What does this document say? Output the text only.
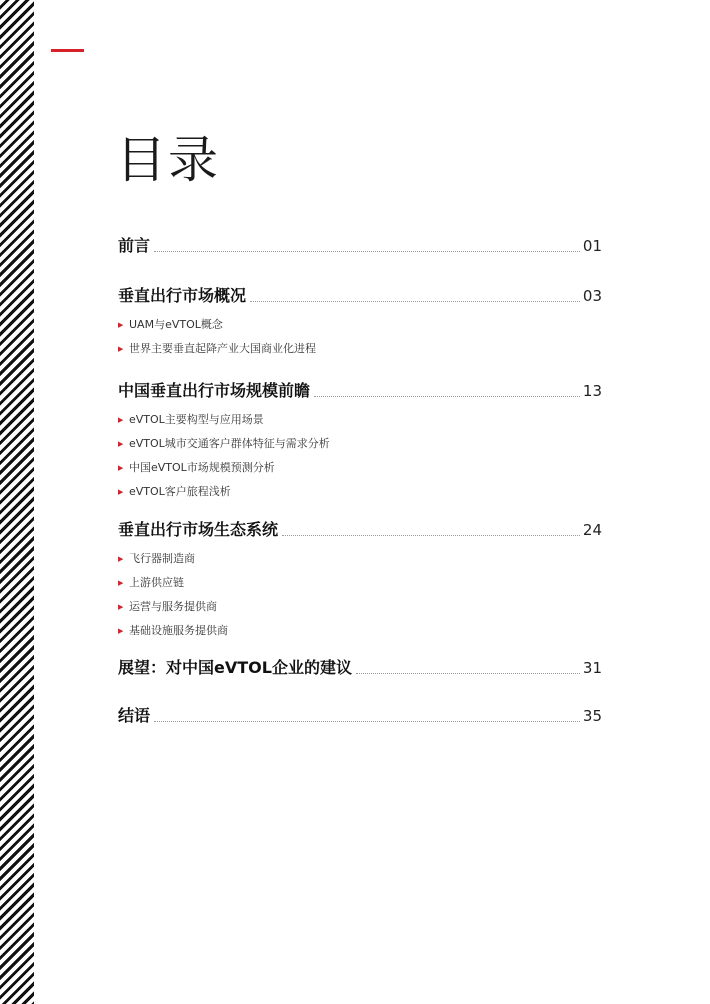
目录
前言	01
垂直出行市场概况	03
▶ UAM与eVTOL概念
▶ 世界主要垂直起降产业大国商业化进程
中国垂直出行市场规模前瞻	13
▶ eVTOL主要构型与应用场景
▶ eVTOL城市交通客户群体特征与需求分析
▶ 中国eVTOL市场规模预测分析
▶ eVTOL客户旅程浅析
垂直出行市场生态系统	24
▶ 飞行器制造商
▶ 上游供应链
▶ 运营与服务提供商
▶ 基础设施服务提供商
展望：对中国eVTOL企业的建议	31
结语	35
